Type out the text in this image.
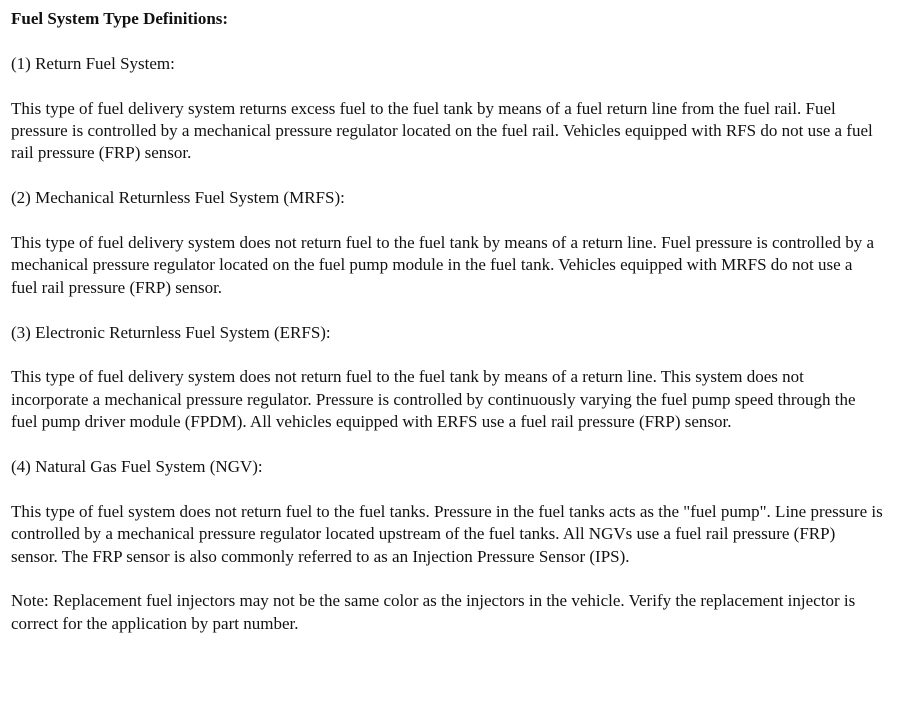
Fuel System Type Definitions:

(1) Return Fuel System:

This type of fuel delivery system returns excess fuel to the fuel tank by means of a fuel return line from the fuel rail. Fuel pressure is controlled by a mechanical pressure regulator located on the fuel rail. Vehicles equipped with RFS do not use a fuel rail pressure (FRP) sensor.

(2) Mechanical Returnless Fuel System (MRFS):

This type of fuel delivery system does not return fuel to the fuel tank by means of a return line. Fuel pressure is controlled by a mechanical pressure regulator located on the fuel pump module in the fuel tank. Vehicles equipped with MRFS do not use a fuel rail pressure (FRP) sensor.

(3) Electronic Returnless Fuel System (ERFS):

This type of fuel delivery system does not return fuel to the fuel tank by means of a return line. This system does not incorporate a mechanical pressure regulator. Pressure is controlled by continuously varying the fuel pump speed through the fuel pump driver module (FPDM). All vehicles equipped with ERFS use a fuel rail pressure (FRP) sensor.

(4) Natural Gas Fuel System (NGV):

This type of fuel system does not return fuel to the fuel tanks. Pressure in the fuel tanks acts as the "fuel pump". Line pressure is controlled by a mechanical pressure regulator located upstream of the fuel tanks. All NGVs use a fuel rail pressure (FRP) sensor. The FRP sensor is also commonly referred to as an Injection Pressure Sensor (IPS).

Note: Replacement fuel injectors may not be the same color as the injectors in the vehicle. Verify the replacement injector is correct for the application by part number.
